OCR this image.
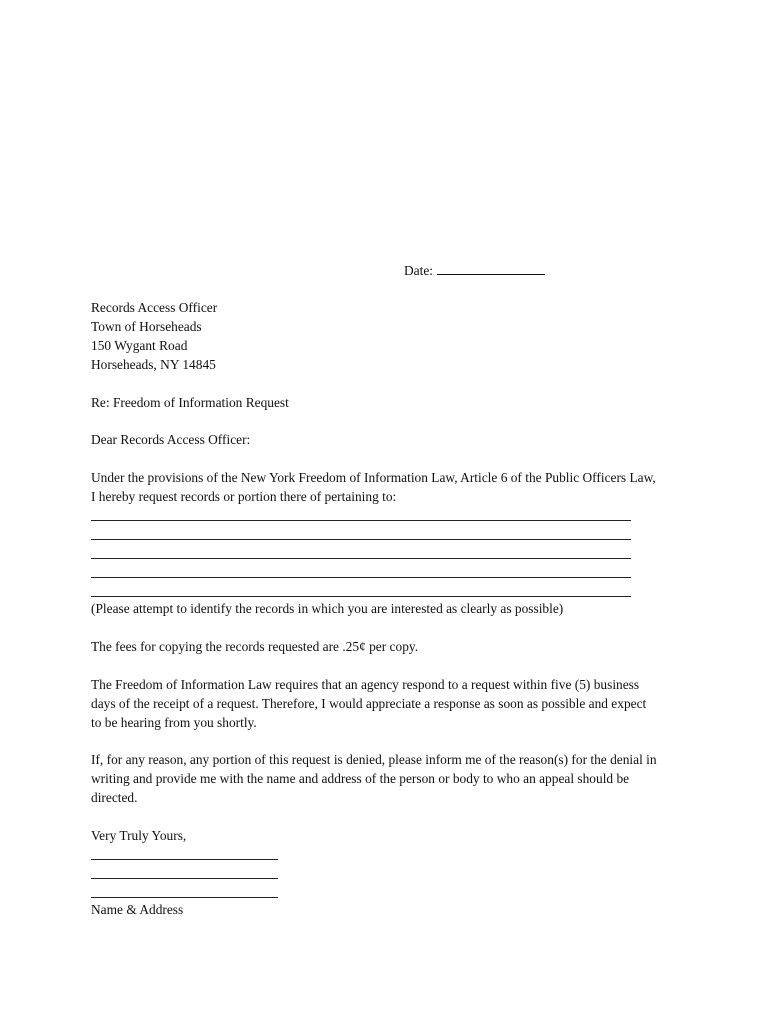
Date:
Records Access Officer
Town of Horseheads
150 Wygant Road
Horseheads, NY 14845
Re: Freedom of Information Request
Dear Records Access Officer:
Under the provisions of the New York Freedom of Information Law, Article 6 of the Public Officers Law,
I hereby request records or portion there of pertaining to:
(Please attempt to identify the records in which you are interested as clearly as possible)
The fees for copying the records requested are .25¢ per copy.
The Freedom of Information Law requires that an agency respond to a request within five (5) business
days of the receipt of a request. Therefore, I would appreciate a response as soon as possible and expect
to be hearing from you shortly.
If, for any reason, any portion of this request is denied, please inform me of the reason(s) for the denial in
writing and provide me with the name and address of the person or body to who an appeal should be
directed.
Very Truly Yours,
Name & Address
